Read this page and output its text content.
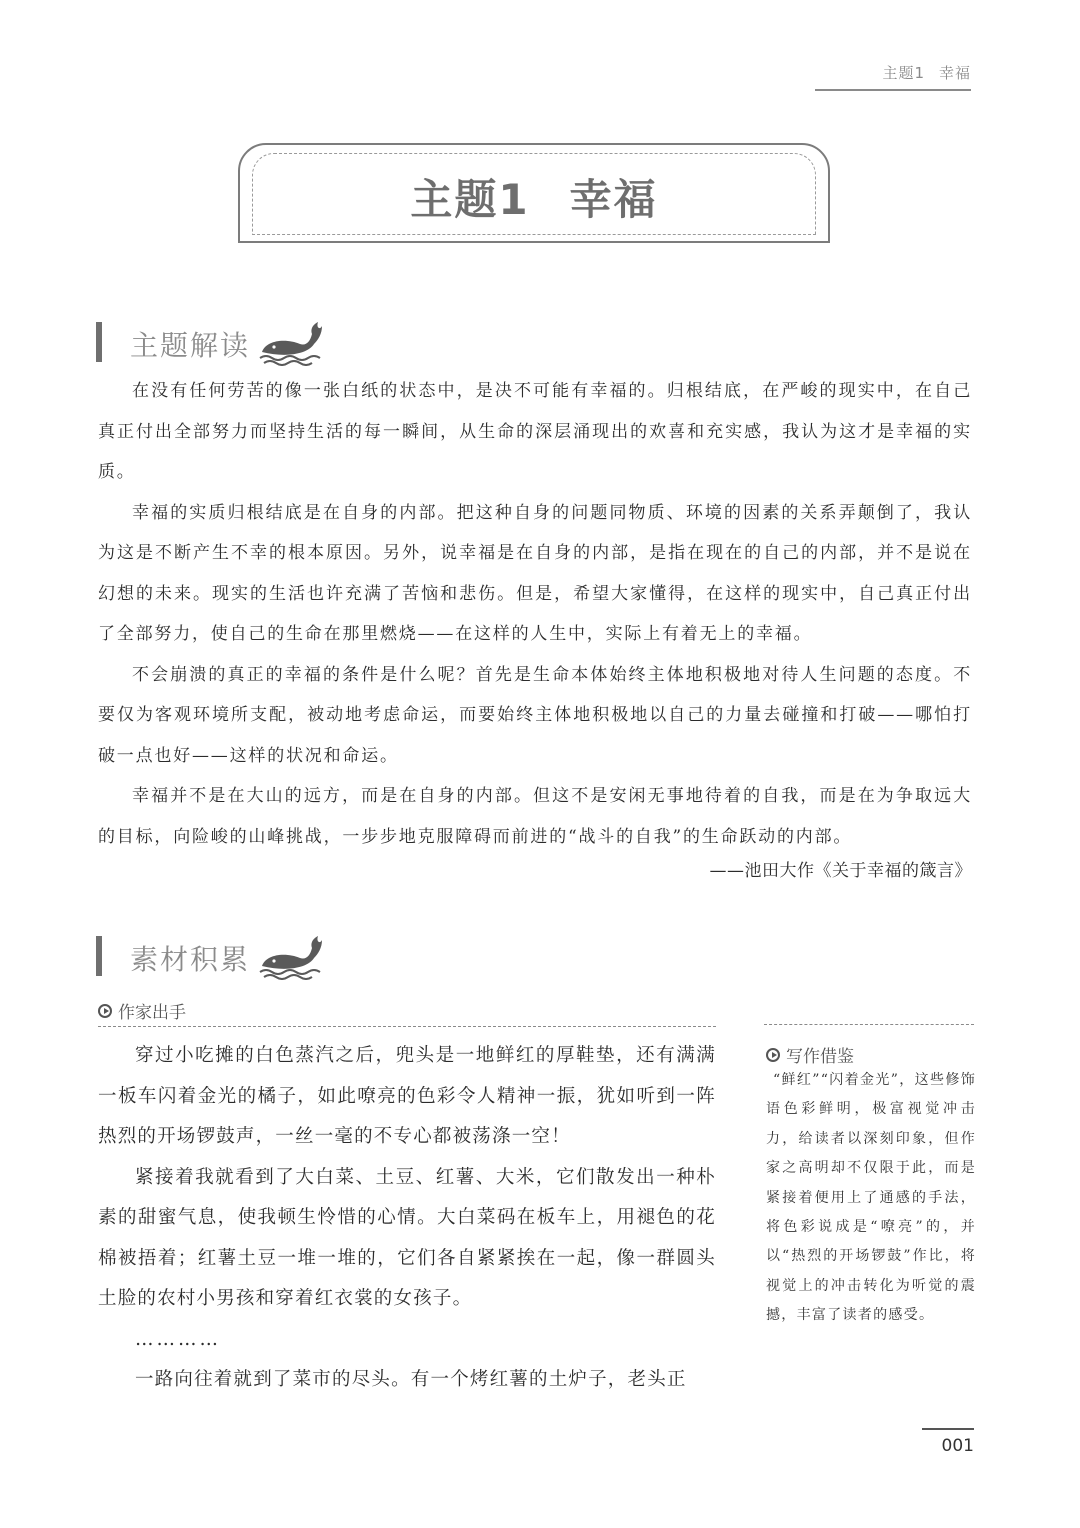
主题1 幸福
主题1 幸福
主题解读

在没有任何劳苦的像一张白纸的状态中，是决不可能有幸福的。归根结底，在严峻的现实中，在自己真正付出全部努力而坚持生活的每一瞬间，从生命的深层涌现出的欢喜和充实感，我认为这才是幸福的实质。

幸福的实质归根结底是在自身的内部。把这种自身的问题同物质、环境的因素的关系弄颠倒了，我认为这是不断产生不幸的根本原因。另外，说幸福是在自身的内部，是指在现在的自己的内部，并不是说在幻想的未来。现实的生活也许充满了苦恼和悲伤。但是，希望大家懂得，在这样的现实中，自己真正付出了全部努力，使自己的生命在那里燃烧——在这样的人生中，实际上有着无上的幸福。

不会崩溃的真正的幸福的条件是什么呢？首先是生命本体始终主体地积极地对待人生问题的态度。不要仅为客观环境所支配，被动地考虑命运，而要始终主体地积极地以自己的力量去碰撞和打破——哪怕打破一点也好——这样的状况和命运。

幸福并不是在大山的远方，而是在自身的内部。但这不是安闲无事地待着的自我，而是在为争取远大的目标，向险峻的山峰挑战，一步步地克服障碍而前进的“战斗的自我”的生命跃动的内部。

——池田大作《关于幸福的箴言》
素材积累
作家出手

穿过小吃摊的白色蒸汽之后，兜头是一地鲜红的厚鞋垫，还有满满一板车闪着金光的橘子，如此嘹亮的色彩令人精神一振，犹如听到一阵热烈的开场锣鼓声，一丝一毫的不专心都被荡涤一空！

紧接着我就看到了大白菜、土豆、红薯、大米，它们散发出一种朴素的甜蜜气息，使我顿生怜惜的心情。大白菜码在板车上，用褪色的花棉被捂着；红薯土豆一堆一堆的，它们各自紧紧挨在一起，像一群圆头土脸的农村小男孩和穿着红衣裳的女孩子。

…………

一路向往着就到了菜市的尽头。有一个烤红薯的土炉子，老头正

写作借鉴

“鲜红”“闪着金光”，这些修饰语色彩鲜明，极富视觉冲击力，给读者以深刻印象，但作家之高明却不仅限于此，而是紧接着便用上了通感的手法，将色彩说成是“嘹亮”的，并以“热烈的开场锣鼓”作比，将视觉上的冲击转化为听觉的震撼，丰富了读者的感受。

001
